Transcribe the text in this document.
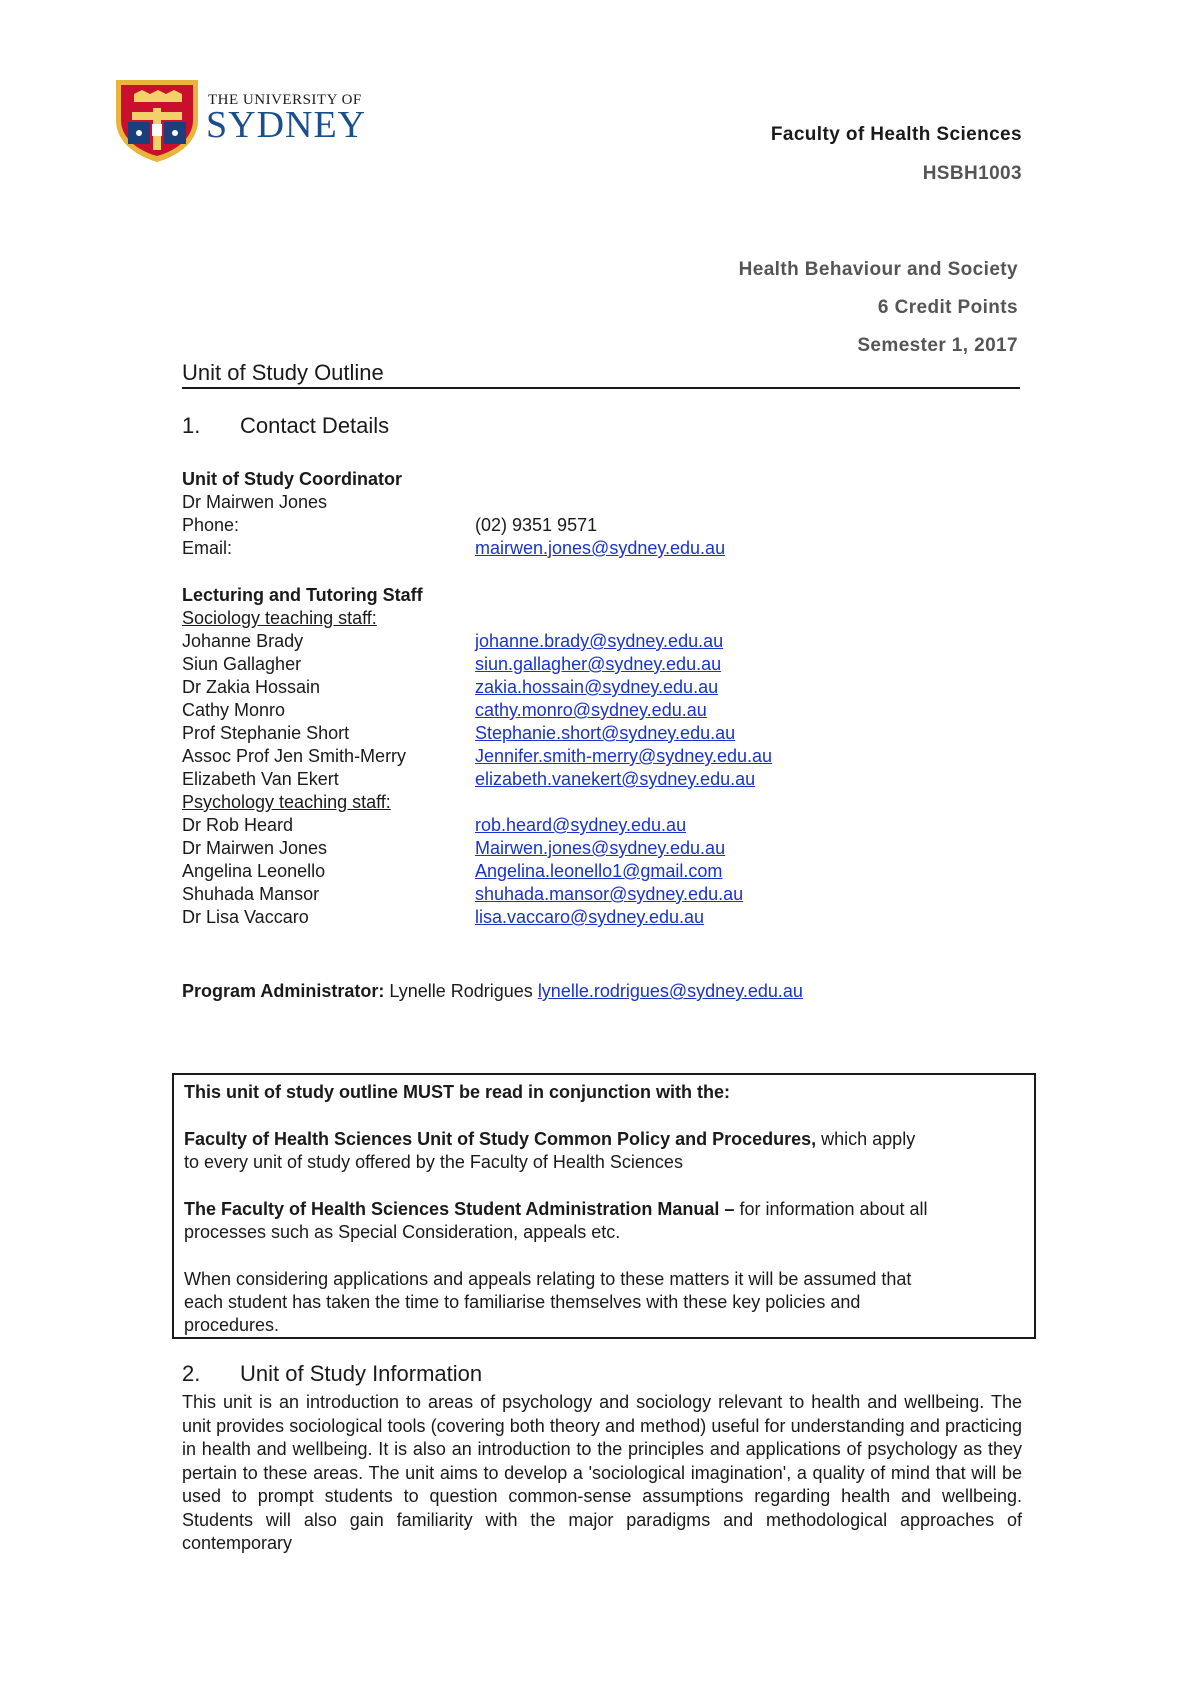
THE UNIVERSITY OF
SYDNEY	Faculty of Health Sciences
HSBH1003
Health Behaviour and Society
6 Credit Points
Semester 1, 2017
Unit of Study Outline
1. Contact Details
Unit of Study Coordinator
Dr Mairwen Jones
Phone:	(02) 9351 9571
Email:	mairwen.jones@sydney.edu.au
Lecturing and Tutoring Staff
Sociology teaching staff:
Johanne Brady	johanne.brady@sydney.edu.au
Siun Gallagher	siun.gallagher@sydney.edu.au
Dr Zakia Hossain	zakia.hossain@sydney.edu.au
Cathy Monro	cathy.monro@sydney.edu.au
Prof Stephanie Short	Stephanie.short@sydney.edu.au
Assoc Prof Jen Smith-Merry	Jennifer.smith-merry@sydney.edu.au
Elizabeth Van Ekert	elizabeth.vanekert@sydney.edu.au
Psychology teaching staff:
Dr Rob Heard	rob.heard@sydney.edu.au
Dr Mairwen Jones	Mairwen.jones@sydney.edu.au
Angelina Leonello	Angelina.leonello1@gmail.com
Shuhada Mansor	shuhada.mansor@sydney.edu.au
Dr Lisa Vaccaro	lisa.vaccaro@sydney.edu.au
Program Administrator: Lynelle Rodrigues lynelle.rodrigues@sydney.edu.au
This unit of study outline MUST be read in conjunction with the:
Faculty of Health Sciences Unit of Study Common Policy and Procedures, which apply
to every unit of study offered by the Faculty of Health Sciences
The Faculty of Health Sciences Student Administration Manual – for information about all
processes such as Special Consideration, appeals etc.
When considering applications and appeals relating to these matters it will be assumed that
each student has taken the time to familiarise themselves with these key policies and
procedures.
2. Unit of Study Information
This unit is an introduction to areas of psychology and sociology relevant to health and wellbeing. The unit provides sociological tools (covering both theory and method) useful for understanding and practicing in health and wellbeing. It is also an introduction to the principles and applications of psychology as they pertain to these areas. The unit aims to develop a 'sociological imagination', a quality of mind that will be used to prompt students to question common-sense assumptions regarding health and wellbeing. Students will also gain familiarity with the major paradigms and methodological approaches of contemporary
